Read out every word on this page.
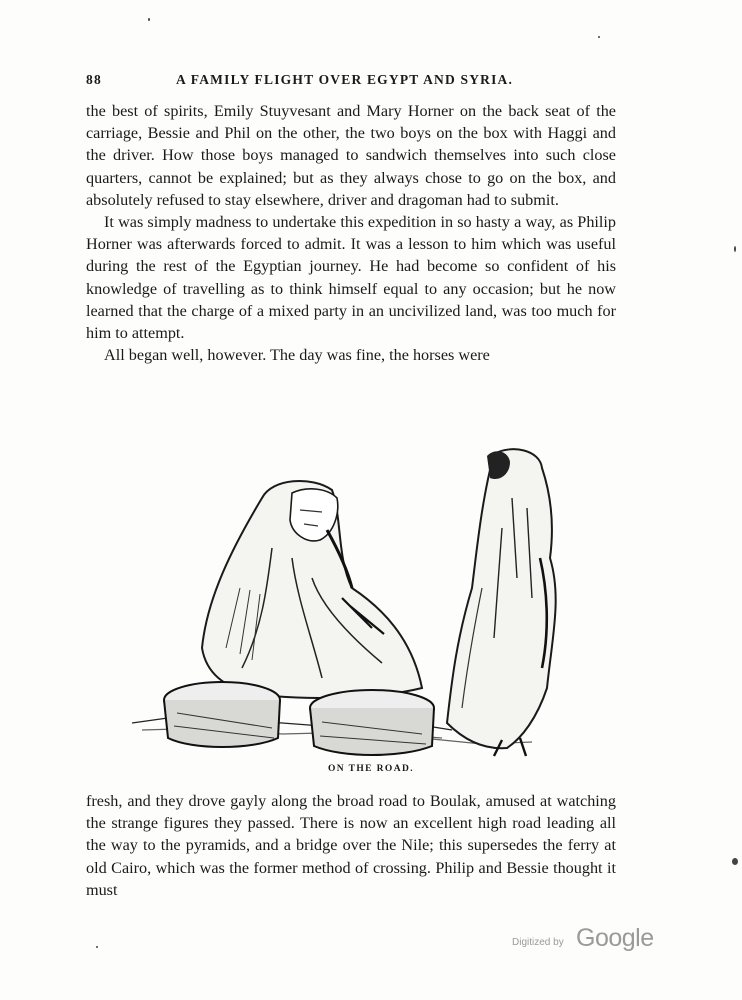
88	A FAMILY FLIGHT OVER EGYPT AND SYRIA.

the best of spirits, Emily Stuyvesant and Mary Horner on the back seat of the carriage, Bessie and Phil on the other, the two boys on the box with Haggi and the driver. How those boys managed to sandwich themselves into such close quarters, cannot be explained; but as they always chose to go on the box, and absolutely refused to stay elsewhere, driver and dragoman had to submit.

It was simply madness to undertake this expedition in so hasty a way, as Philip Horner was afterwards forced to admit. It was a lesson to him which was useful during the rest of the Egyptian journey. He had become so confident of his knowledge of travelling as to think himself equal to any occasion; but he now learned that the charge of a mixed party in an uncivilized land, was too much for him to attempt.

All began well, however. The day was fine, the horses were

ON THE ROAD.

fresh, and they drove gayly along the broad road to Boulak, amused at watching the strange figures they passed. There is now an excellent high road leading all the way to the pyramids, and a bridge over the Nile; this supersedes the ferry at old Cairo, which was the former method of crossing. Philip and Bessie thought it must

Digitized by Google
